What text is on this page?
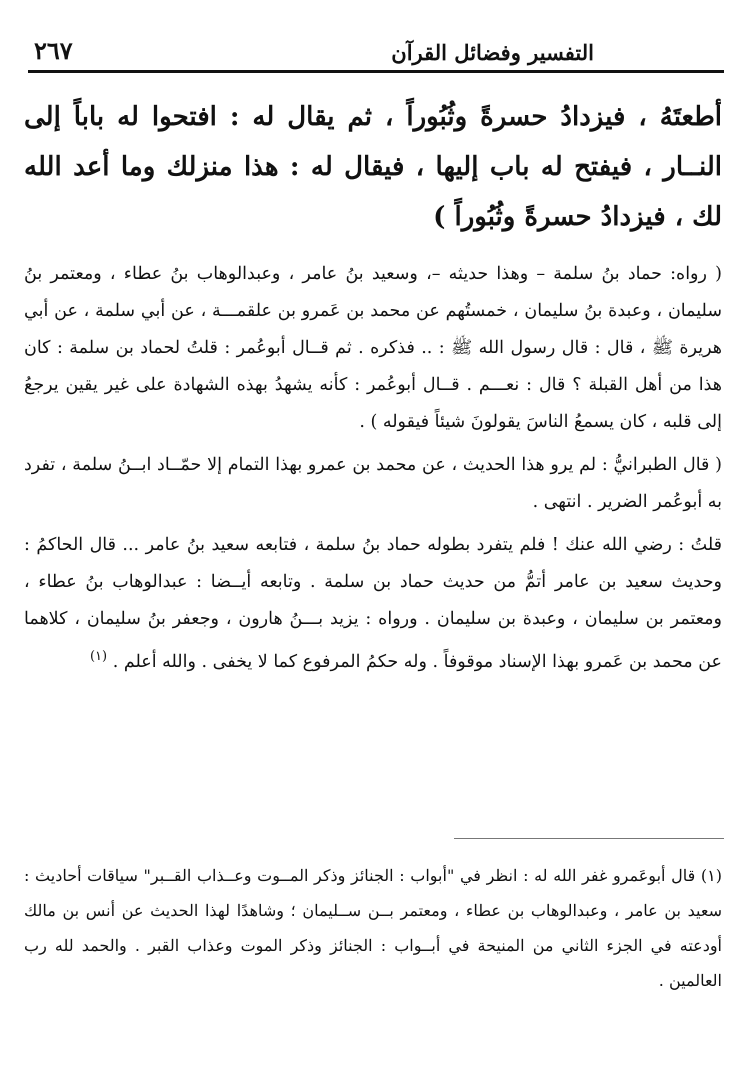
التفسير وفضائل القرآن
٢٦٧

أطعتَهُ ، فيزدادُ حسرةً وثُبُوراً ، ثم يقال له : افتحوا له باباً إلى النــار ، فيفتح له باب إليها ، فيقال له : هذا منزلك وما أعد الله لك ، فيزدادُ حسرةً وثُبُوراً )

( رواه: حماد بنُ سلمة – وهذا حديثه –، وسعيد بنُ عامر ، وعبدالوهاب بنُ عطاء ، ومعتمر بنُ سليمان ، وعبدة بنُ سليمان ، خمستُهم عن محمد بن عَمرو بن علقمـــة ، عن أبي سلمة ، عن أبي هريرة ﷺ ، قال : قال رسول الله ﷺ : .. فذكره . ثم قــال أبوعُمر : قلتُ لحماد بن سلمة : كان هذا من أهل القبلة ؟ قال : نعـــم . قــال أبوعُمر : كأنه يشهدُ بهذه الشهادة على غير يقين يرجعُ إلى قلبه ، كان يسمعُ الناسَ يقولونَ شيئاً فيقوله ) .

( قال الطبرانيُّ : لم يرو هذا الحديث ، عن محمد بن عمرو بهذا التمام إلا حمّــاد ابــنُ سلمة ، تفرد به أبوعُمر الضرير . انتهى .

قلتُ : رضي الله عنك ! فلم يتفرد بطوله حماد بنُ سلمة ، فتابعه سعيد بنُ عامر ... قال الحاكمُ : وحديث سعيد بن عامر أتمُّ من حديث حماد بن سلمة . وتابعه أيــضا : عبدالوهاب بنُ عطاء ، ومعتمر بن سليمان ، وعبدة بن سليمان . ورواه : يزيد بـــنُ هارون ، وجعفر بنُ سليمان ، كلاهما عن محمد بن عَمرو بهذا الإسناد موقوفاً . وله حكمُ المرفوع كما لا يخفى . والله أعلم . $^{(١)}$

(١) قال أبوعَمرو غفر الله له : انظر في "أبواب : الجنائز وذكر المــوت وعــذاب القــبر" سياقات أحاديث : سعيد بن عامر ، وعبدالوهاب بن عطاء ، ومعتمر بــن ســليمان ؛ وشاهدًا لهذا الحديث عن أنس بن مالك أودعته في الجزء الثاني من المنيحة في أبــواب : الجنائز وذكر الموت وعذاب القبر . والحمد لله رب العالمين .
